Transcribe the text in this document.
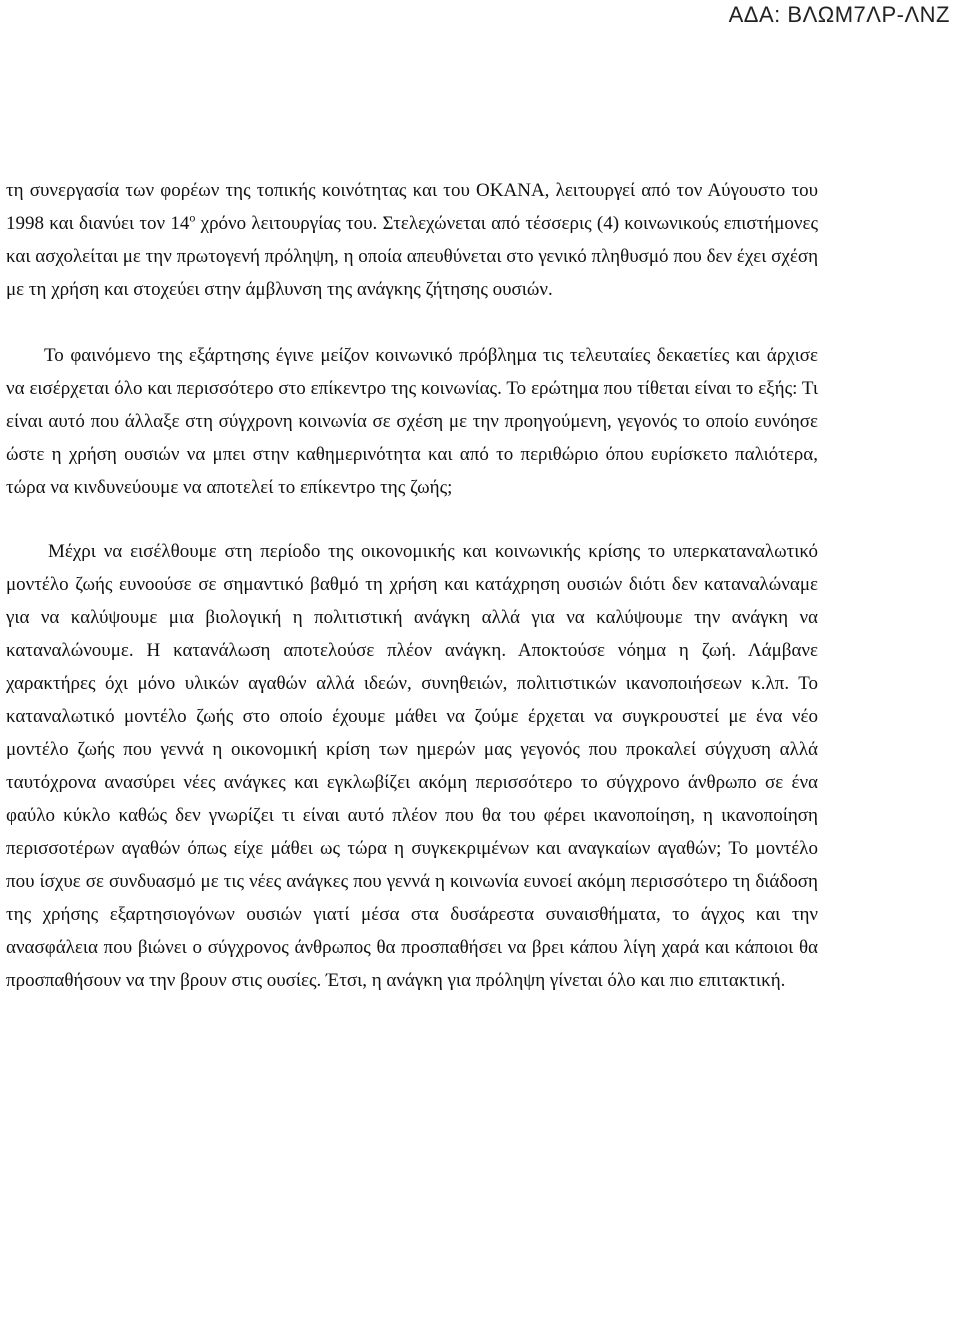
ΑΔΑ: ΒΛΩΜ7ΛΡ-ΛΝΖ

τη συνεργασία των φορέων της τοπικής κοινότητας και του ΟΚΑΝΑ, λειτουργεί από τον Αύγουστο του 1998 και διανύει τον $14^o$ χρόνο λειτουργίας του. Στελεχώνεται από τέσσερις (4) κοινωνικούς επιστήμονες και ασχολείται με την πρωτογενή πρόληψη, η οποία απευθύνεται στο γενικό πληθυσμό που δεν έχει σχέση με τη χρήση και στοχεύει στην άμβλυνση της ανάγκης ζήτησης ουσιών.

Το φαινόμενο της εξάρτησης έγινε μείζον κοινωνικό πρόβλημα τις τελευταίες δεκαετίες και άρχισε να εισέρχεται όλο και περισσότερο στο επίκεντρο της κοινωνίας. Το ερώτημα που τίθεται είναι το εξής: Τι είναι αυτό που άλλαξε στη σύγχρονη κοινωνία σε σχέση με την προηγούμενη, γεγονός το οποίο ευνόησε ώστε η χρήση ουσιών να μπει στην καθημερινότητα και από το περιθώριο όπου ευρίσκετο παλιότερα, τώρα να κινδυνεύουμε να αποτελεί το επίκεντρο της ζωής;

Μέχρι να εισέλθουμε στη περίοδο της οικονομικής και κοινωνικής κρίσης το υπερκαταναλωτικό μοντέλο ζωής ευνοούσε σε σημαντικό βαθμό τη χρήση και κατάχρηση ουσιών διότι δεν καταναλώναμε για να καλύψουμε μια βιολογική η πολιτιστική ανάγκη αλλά για να καλύψουμε την ανάγκη να καταναλώνουμε. Η κατανάλωση αποτελούσε πλέον ανάγκη. Αποκτούσε νόημα η ζωή. Λάμβανε χαρακτήρες όχι μόνο υλικών αγαθών αλλά ιδεών, συνηθειών, πολιτιστικών ικανοποιήσεων κ.λπ. Το καταναλωτικό μοντέλο ζωής στο οποίο έχουμε μάθει να ζούμε έρχεται να συγκρουστεί με ένα νέο μοντέλο ζωής που γεννά η οικονομική κρίση των ημερών μας γεγονός που προκαλεί σύγχυση αλλά ταυτόχρονα ανασύρει νέες ανάγκες και εγκλωβίζει ακόμη περισσότερο το σύγχρονο άνθρωπο σε ένα φαύλο κύκλο καθώς δεν γνωρίζει τι είναι αυτό πλέον που θα του φέρει ικανοποίηση, η ικανοποίηση περισσοτέρων αγαθών όπως είχε μάθει ως τώρα η συγκεκριμένων και αναγκαίων αγαθών; Το μοντέλο που ίσχυε σε συνδυασμό με τις νέες ανάγκες που γεννά η κοινωνία ευνοεί ακόμη περισσότερο τη διάδοση της χρήσης εξαρτησιογόνων ουσιών γιατί μέσα στα δυσάρεστα συναισθήματα, το άγχος και την ανασφάλεια που βιώνει ο σύγχρονος άνθρωπος θα προσπαθήσει να βρει κάπου λίγη χαρά και κάποιοι θα προσπαθήσουν να την βρουν στις ουσίες. Έτσι, η ανάγκη για πρόληψη γίνεται όλο και πιο επιτακτική.
